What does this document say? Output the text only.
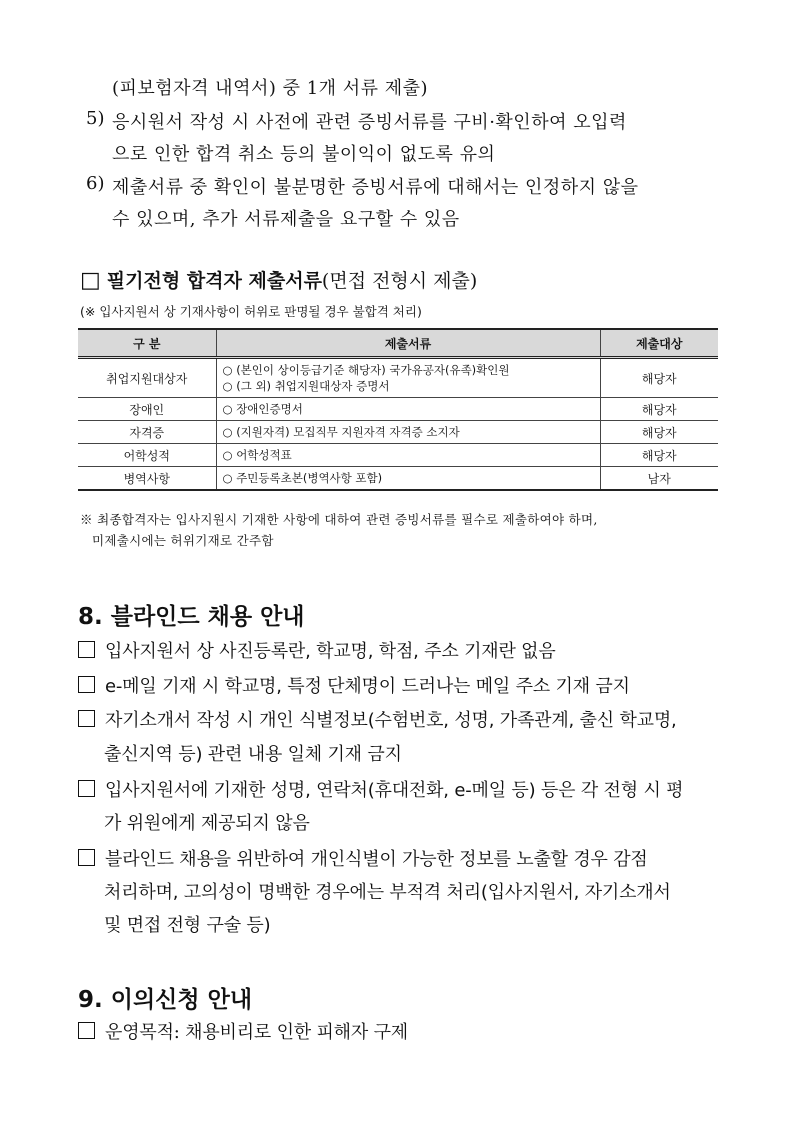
(피보험자격 내역서) 중 1개 서류 제출)
5) 응시원서 작성 시 사전에 관련 증빙서류를 구비·확인하여 오입력
으로 인한 합격 취소 등의 불이익이 없도록 유의
6) 제출서류 중 확인이 불분명한 증빙서류에 대해서는 인정하지 않을
수 있으며, 추가 서류제출을 요구할 수 있음
□ 필기전형 합격자 제출서류(면접 전형시 제출)
(※ 입사지원서 상 기재사항이 허위로 판명될 경우 불합격 처리)
구 분	제출서류	제출대상
취업지원대상자	○ (본인이 상이등급기준 해당자) 국가유공자(유족)확인원
○ (그 외) 취업지원대상자 증명서	해당자
장애인	○ 장애인증명서	해당자
자격증	○ (지원자격) 모집직무 지원자격 자격증 소지자	해당자
어학성적	○ 어학성적표	해당자
병역사항	○ 주민등록초본(병역사항 포함)	남자
※ 최종합격자는 입사지원시 기재한 사항에 대하여 관련 증빙서류를 필수로 제출하여야 하며,
미제출시에는 허위기재로 간주함
8. 블라인드 채용 안내
입사지원서 상 사진등록란, 학교명, 학점, 주소 기재란 없음
e-메일 기재 시 학교명, 특정 단체명이 드러나는 메일 주소 기재 금지
자기소개서 작성 시 개인 식별정보(수험번호, 성명, 가족관계, 출신 학교명,
출신지역 등) 관련 내용 일체 기재 금지
입사지원서에 기재한 성명, 연락처(휴대전화, e-메일 등) 등은 각 전형 시 평
가 위원에게 제공되지 않음
블라인드 채용을 위반하여 개인식별이 가능한 정보를 노출할 경우 감점
처리하며, 고의성이 명백한 경우에는 부적격 처리(입사지원서, 자기소개서
및 면접 전형 구술 등)
9. 이의신청 안내
운영목적: 채용비리로 인한 피해자 구제
